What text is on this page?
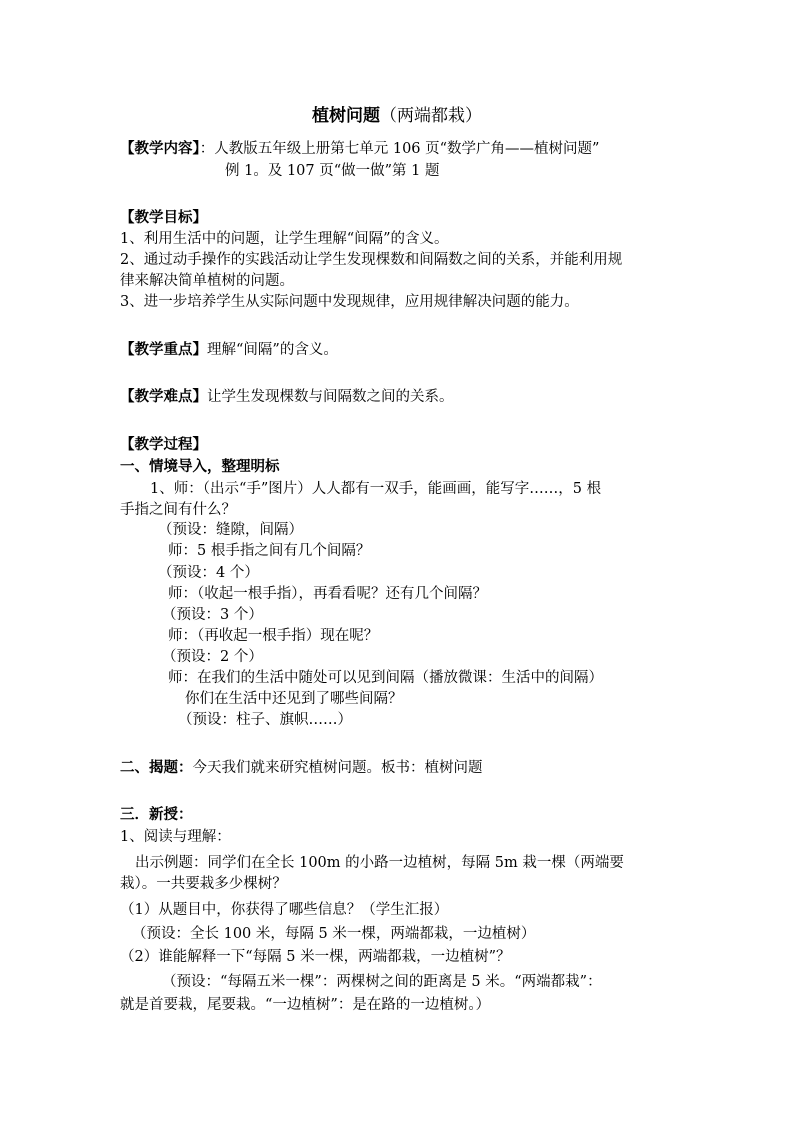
植树问题（两端都栽）
【教学内容】：人教版五年级上册第七单元 106 页“数学广角——植树问题”
例 1。及 107 页“做一做”第 1 题
【教学目标】
1、利用生活中的问题，让学生理解“间隔”的含义。
2、通过动手操作的实践活动让学生发现棵数和间隔数之间的关系，并能利用规
律来解决简单植树的问题。
3、进一步培养学生从实际问题中发现规律，应用规律解决问题的能力。
【教学重点】理解“间隔”的含义。
【教学难点】让学生发现棵数与间隔数之间的关系。
【教学过程】
一、情境导入，整理明标
1、师：（出示“手”图片）人人都有一双手，能画画，能写字……，5 根
手指之间有什么？
（预设：缝隙，间隔）
师：5 根手指之间有几个间隔？
（预设：4 个）
师：（收起一根手指），再看看呢？还有几个间隔？
（预设：3 个）
师：（再收起一根手指）现在呢？
（预设：2 个）
师：在我们的生活中随处可以见到间隔（播放微课：生活中的间隔）
你们在生活中还见到了哪些间隔？
（预设：柱子、旗帜……）
二、揭题：今天我们就来研究植树问题。板书：植树问题
三．新授：
1、阅读与理解：
出示例题：同学们在全长 100m 的小路一边植树，每隔 5m 栽一棵（两端要
栽）。一共要栽多少棵树？
（1）从题目中，你获得了哪些信息？（学生汇报）
（预设：全长 100 米，每隔 5 米一棵，两端都栽，一边植树）
（2）谁能解释一下“每隔 5 米一棵，两端都栽，一边植树”？
（预设：“每隔五米一棵”：两棵树之间的距离是 5 米。“两端都栽”：
就是首要栽，尾要栽。“一边植树”：是在路的一边植树。）
